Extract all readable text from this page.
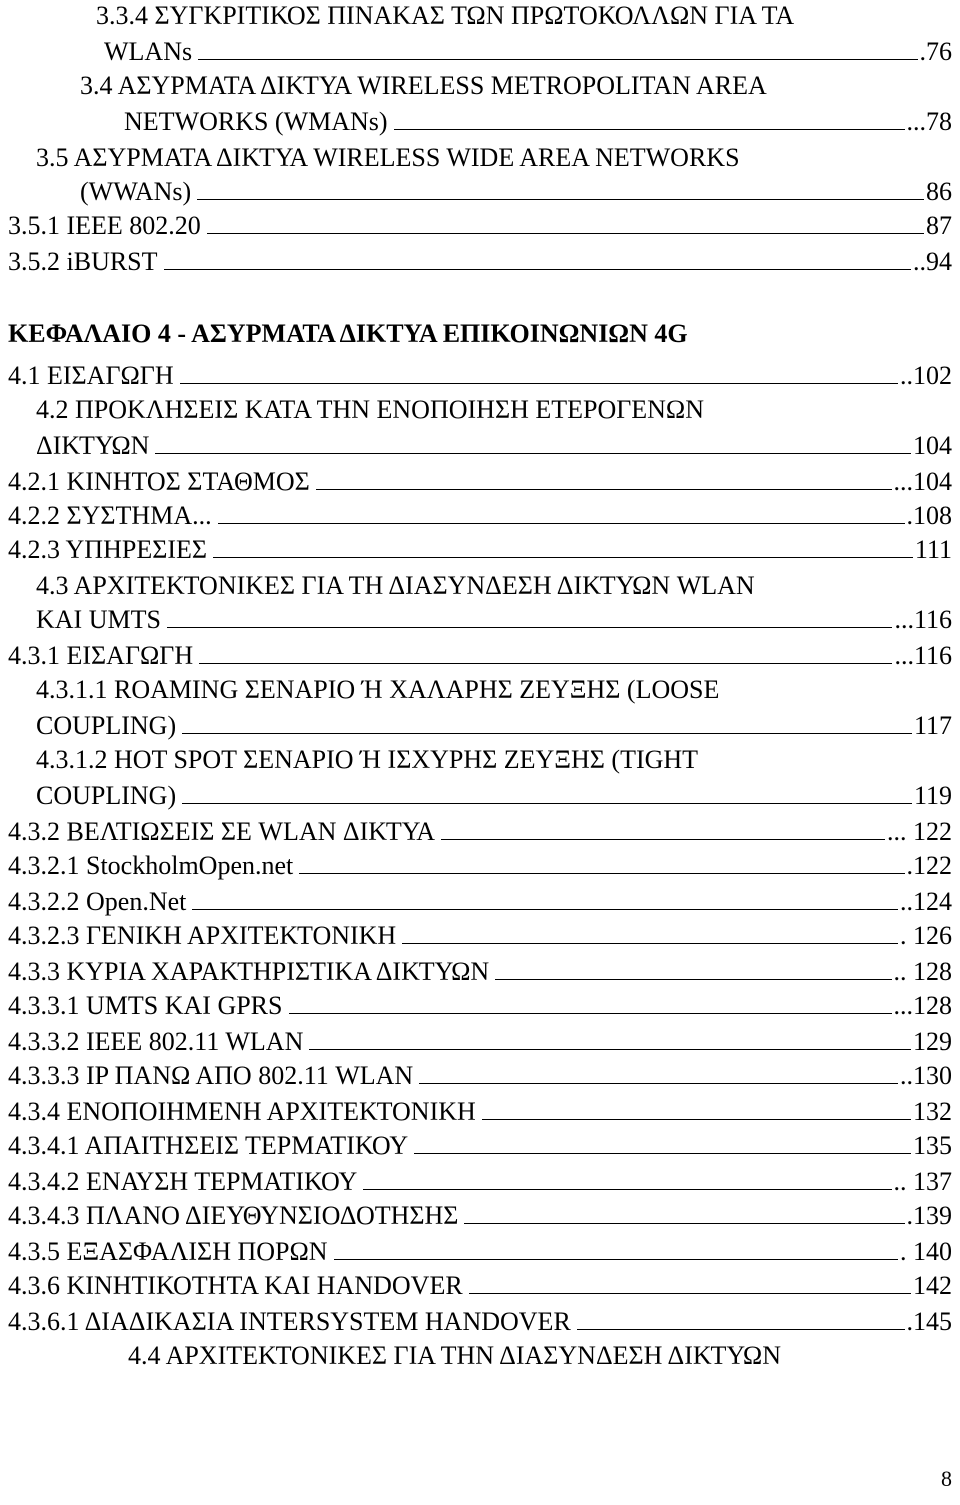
3.3.4 ΣΥΓΚΡΙΤΙΚΟΣ ΠΙΝΑΚΑΣ ΤΩΝ ΠΡΩΤΟΚΟΛΛΩΝ ΓΙΑ ΤΑ
WLANs	.76
3.4 ΑΣΥΡΜΑΤΑ ΔΙΚΤΥΑ WIRELESS METROPOLITAN AREA
NETWORKS (WMANs)	...78
3.5 ΑΣΥΡΜΑΤΑ ΔΙΚΤΥΑ WIRELESS WIDE AREA NETWORKS
(WWANs)	86
3.5.1 IEEE 802.20	87
3.5.2 iBURST	..94
ΚΕΦΑΛΑΙΟ 4 - ΑΣΥΡΜΑΤΑ ΔΙΚΤΥΑ ΕΠΙΚΟΙΝΩΝΙΩΝ 4G
4.1 ΕΙΣΑΓΩΓΗ	..102
4.2 ΠΡΟΚΛΗΣΕΙΣ ΚΑΤΑ ΤΗΝ ΕΝΟΠΟΙΗΣΗ ΕΤΕΡΟΓΕΝΩΝ
ΔΙΚΤΥΩΝ	104
4.2.1 ΚΙΝΗΤΟΣ ΣΤΑΘΜΟΣ	...104
4.2.2 ΣΥΣΤΗΜΑ...	.108
4.2.3 ΥΠΗΡΕΣΙΕΣ	111
4.3 ΑΡΧΙΤΕΚΤΟΝΙΚΕΣ ΓΙΑ ΤΗ ΔΙΑΣΥΝΔΕΣΗ ΔΙΚΤΥΩΝ WLAN
ΚΑΙ UMTS	...116
4.3.1 ΕΙΣΑΓΩΓΗ	...116
4.3.1.1 ROAMING ΣΕΝΑΡΙΟ Ή ΧΑΛΑΡΗΣ ΖΕΥΞΗΣ (LOOSE
COUPLING)	117
4.3.1.2 HOT SPOT ΣΕΝΑΡΙΟ Ή ΙΣΧΥΡΗΣ ΖΕΥΞΗΣ (TIGHT
COUPLING)	119
4.3.2 ΒΕΛΤΙΩΣΕΙΣ ΣΕ WLAN ΔΙΚΤΥΑ	... 122
4.3.2.1 StockholmOpen.net	.122
4.3.2.2 Open.Net	..124
4.3.2.3 ΓΕΝΙΚΗ ΑΡΧΙΤΕΚΤΟΝΙΚΗ	. 126
4.3.3 ΚΥΡΙΑ ΧΑΡΑΚΤΗΡΙΣΤΙΚΑ ΔΙΚΤΥΩΝ	.. 128
4.3.3.1 UMTS ΚΑΙ GPRS	...128
4.3.3.2 IEEE 802.11 WLAN	129
4.3.3.3 IP ΠΑΝΩ ΑΠΟ 802.11 WLAN	..130
4.3.4 ΕΝΟΠΟΙΗΜΕΝΗ ΑΡΧΙΤΕΚΤΟΝΙΚΗ	132
4.3.4.1 ΑΠΑΙΤΗΣΕΙΣ ΤΕΡΜΑΤΙΚΟΥ	135
4.3.4.2 ΕΝΑΥΣΗ ΤΕΡΜΑΤΙΚΟΥ	.. 137
4.3.4.3 ΠΛΑΝΟ ΔΙΕΥΘΥΝΣΙΟΔΟΤΗΣΗΣ	.139
4.3.5 ΕΞΑΣΦΑΛΙΣΗ ΠΟΡΩΝ	. 140
4.3.6 ΚΙΝΗΤΙΚΟΤΗΤΑ ΚΑΙ HANDOVER	142
4.3.6.1 ΔΙΑΔΙΚΑΣΙΑ INTERSYSTEM HANDOVER	.145
4.4 ΑΡΧΙΤΕΚΤΟΝΙΚΕΣ ΓΙΑ ΤΗΝ ΔΙΑΣΥΝΔΕΣΗ ΔΙΚΤΥΩΝ
8
